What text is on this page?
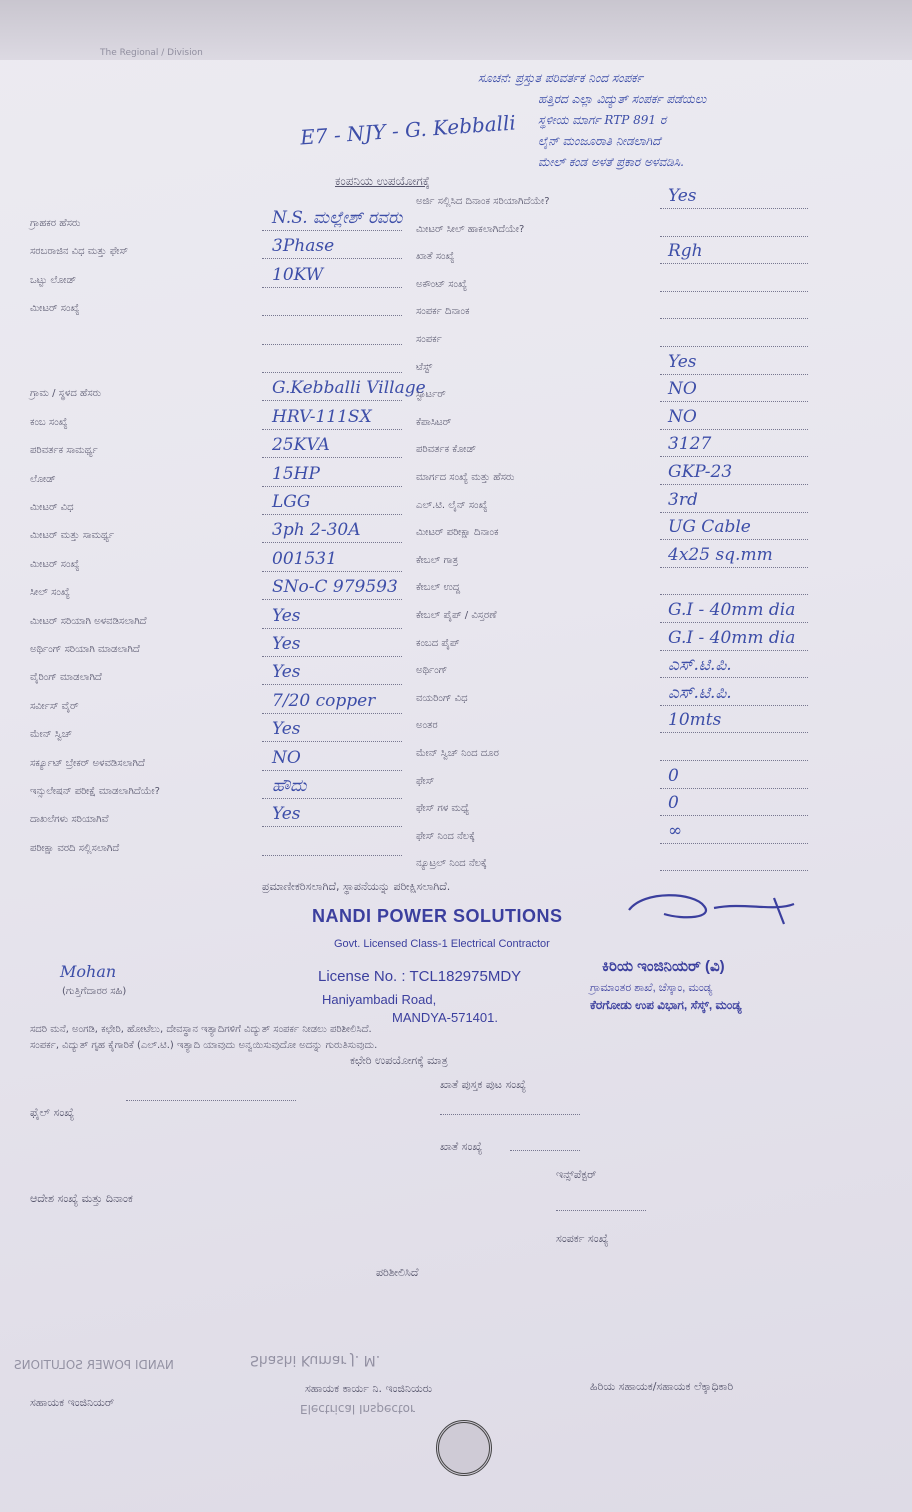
The Regional / Division
ಸೂಚನೆ: ಪ್ರಸ್ತುತ ಪರಿವರ್ತಕ ನಿಂದ ಸಂಪರ್ಕ
ಹತ್ತಿರದ ಎಲ್ಲಾ ವಿದ್ಯುತ್ ಸಂಪರ್ಕ ಪಡೆಯಲು
ಸ್ಥಳೀಯ ಮಾರ್ಗ RTP 891 ರ
ಲೈನ್ ಮಂಜೂರಾತಿ ನೀಡಲಾಗಿದೆ
ಮೇಲ್ ಕಂಡ ಅಳತೆ ಪ್ರಕಾರ ಅಳವಡಿಸಿ.
E7 - NJY - G. Kebballi
ಕಂಪನಿಯ ಉಪಯೋಗಕ್ಕೆ
ಪ್ರಮಾಣೀಕರಿಸಲಾಗಿದೆ, ಸ್ಥಾಪನೆಯನ್ನು ಪರೀಕ್ಷಿಸಲಾಗಿದೆ.
NANDI POWER SOLUTIONS
Govt. Licensed Class-1 Electrical Contractor
License No. : TCL182975MDY
Haniyambadi Road,
MANDYA-571401.
Mohan
(ಗುತ್ತಿಗೆದಾರರ ಸಹಿ)
ಕಿರಿಯ ಇಂಜಿನಿಯರ್ (ವಿ)
ಗ್ರಾಮಾಂತರ ಶಾಖೆ, ಚೆಸ್ಕಾಂ, ಮಂಡ್ಯ
ಕೆರಗೋಡು ಉಪ ವಿಭಾಗ, ಸೆಸ್ಕ್, ಮಂಡ್ಯ
ಸದರಿ ಮನೆ, ಅಂಗಡಿ, ಕಛೇರಿ, ಹೋಟೆಲು, ದೇವಸ್ಥಾನ ಇತ್ಯಾದಿಗಳಿಗೆ ವಿದ್ಯುತ್ ಸಂಪರ್ಕ ನೀಡಲು ಪರಿಶೀಲಿಸಿದೆ.
ಸಂಪರ್ಕ, ವಿದ್ಯುತ್ ಗೃಹ ಕೈಗಾರಿಕೆ (ಎಲ್.ಟಿ.) ಇತ್ಯಾದಿ ಯಾವುದು ಅನ್ವಯಿಸುವುದೋ ಅದನ್ನು ಗುರುತಿಸುವುದು.
ಕಛೇರಿ ಉಪಯೋಗಕ್ಕೆ ಮಾತ್ರ
ಖಾತೆ ಪುಸ್ತಕ ಪುಟ ಸಂಖ್ಯೆ
ಫೈಲ್ ಸಂಖ್ಯೆ
ಖಾತೆ ಸಂಖ್ಯೆ
ಇನ್ಸ್‌ಪೆಕ್ಟರ್
ಆದೇಶ ಸಂಖ್ಯೆ ಮತ್ತು ದಿನಾಂಕ
ಸಂಪರ್ಕ ಸಂಖ್ಯೆ
ಪರಿಶೀಲಿಸಿದೆ
NANDI POWER SOLUTIONS	Shashi Kumar J. M.
ಸಹಾಯಕ ಇಂಜಿನಿಯರ್
ಸಹಾಯಕ ಕಾರ್ಯ ನಿ. ಇಂಜಿನಿಯರು
Electrical Inspector
ಹಿರಿಯ ಸಹಾಯಕ/ಸಹಾಯಕ ಲೆಕ್ಕಾಧಿಕಾರಿ
ಗ್ರಾಹಕರ ಹೆಸರು	N.S. ಮಲ್ಲೇಶ್ ರವರು
ಸರಬರಾಜಿನ ವಿಧ ಮತ್ತು ಫೇಸ್	3Phase
ಒಟ್ಟು ಲೋಡ್	10KW
ಮೀಟರ್ ಸಂಖ್ಯೆ
ಗ್ರಾಮ / ಸ್ಥಳದ ಹೆಸರು	G.Kebballi Village
ಕಂಬ ಸಂಖ್ಯೆ	HRV-111SX
ಪರಿವರ್ತಕ ಸಾಮರ್ಥ್ಯ	25KVA
ಲೋಡ್	15HP
ಮೀಟರ್ ವಿಧ	LGG
ಮೀಟರ್ ಮತ್ತು ಸಾಮರ್ಥ್ಯ	3ph 2-30A
ಮೀಟರ್ ಸಂಖ್ಯೆ	001531
ಸೀಲ್ ಸಂಖ್ಯೆ	SNo-C 979593
ಮೀಟರ್ ಸರಿಯಾಗಿ ಅಳವಡಿಸಲಾಗಿದೆ	Yes
ಅರ್ಥಿಂಗ್ ಸರಿಯಾಗಿ ಮಾಡಲಾಗಿದೆ	Yes
ವೈರಿಂಗ್ ಮಾಡಲಾಗಿದೆ	Yes
ಸರ್ವೀಸ್ ವೈರ್	7/20 copper
ಮೇನ್ ಸ್ವಿಚ್	Yes
ಸರ್ಕ್ಯೂಟ್ ಬ್ರೇಕರ್ ಅಳವಡಿಸಲಾಗಿದೆ	NO
ಇನ್ಸುಲೇಷನ್ ಪರೀಕ್ಷೆ ಮಾಡಲಾಗಿದೆಯೇ?	ಹೌದು
ದಾಖಲೆಗಳು ಸರಿಯಾಗಿವೆ	Yes
ಪರೀಕ್ಷಾ ವರದಿ ಸಲ್ಲಿಸಲಾಗಿದೆ
ಅರ್ಜಿ ಸಲ್ಲಿಸಿದ ದಿನಾಂಕ ಸರಿಯಾಗಿದೆಯೇ?	Yes
ಮೀಟರ್ ಸೀಲ್ ಹಾಕಲಾಗಿದೆಯೇ?
ಖಾತೆ ಸಂಖ್ಯೆ	Rgh
ಅಕೌಂಟ್ ಸಂಖ್ಯೆ
ಸಂಪರ್ಕ ದಿನಾಂಕ
ಸಂಪರ್ಕ
ಟೆಸ್ಟ್	Yes
ಸ್ಟಾರ್ಟರ್	NO
ಕೆಪಾಸಿಟರ್	NO
ಪರಿವರ್ತಕ ಕೋಡ್	3127
ಮಾರ್ಗದ ಸಂಖ್ಯೆ ಮತ್ತು ಹೆಸರು	GKP-23
ಎಲ್.ಟಿ. ಲೈನ್ ಸಂಖ್ಯೆ	3rd
ಮೀಟರ್ ಪರೀಕ್ಷಾ ದಿನಾಂಕ	UG Cable
ಕೇಬಲ್ ಗಾತ್ರ	4x25 sq.mm
ಕೇಬಲ್ ಉದ್ದ
ಕೇಬಲ್ ಪೈಪ್ / ವಿಸ್ತರಣೆ	G.I - 40mm dia
ಕಂಬದ ಪೈಪ್	G.I - 40mm dia
ಅರ್ಥಿಂಗ್	ಎಸ್.ಟಿ.ಪಿ.
ವಯರಿಂಗ್ ವಿಧ	ಎಸ್.ಟಿ.ಪಿ.
ಅಂತರ	10mts
ಮೇನ್ ಸ್ವಿಚ್ ನಿಂದ ದೂರ
ಫೇಸ್	0
ಫೇಸ್ ಗಳ ಮಧ್ಯೆ	0
ಫೇಸ್ ನಿಂದ ನೆಲಕ್ಕೆ	∞
ನ್ಯೂಟ್ರಲ್ ನಿಂದ ನೆಲಕ್ಕೆ
